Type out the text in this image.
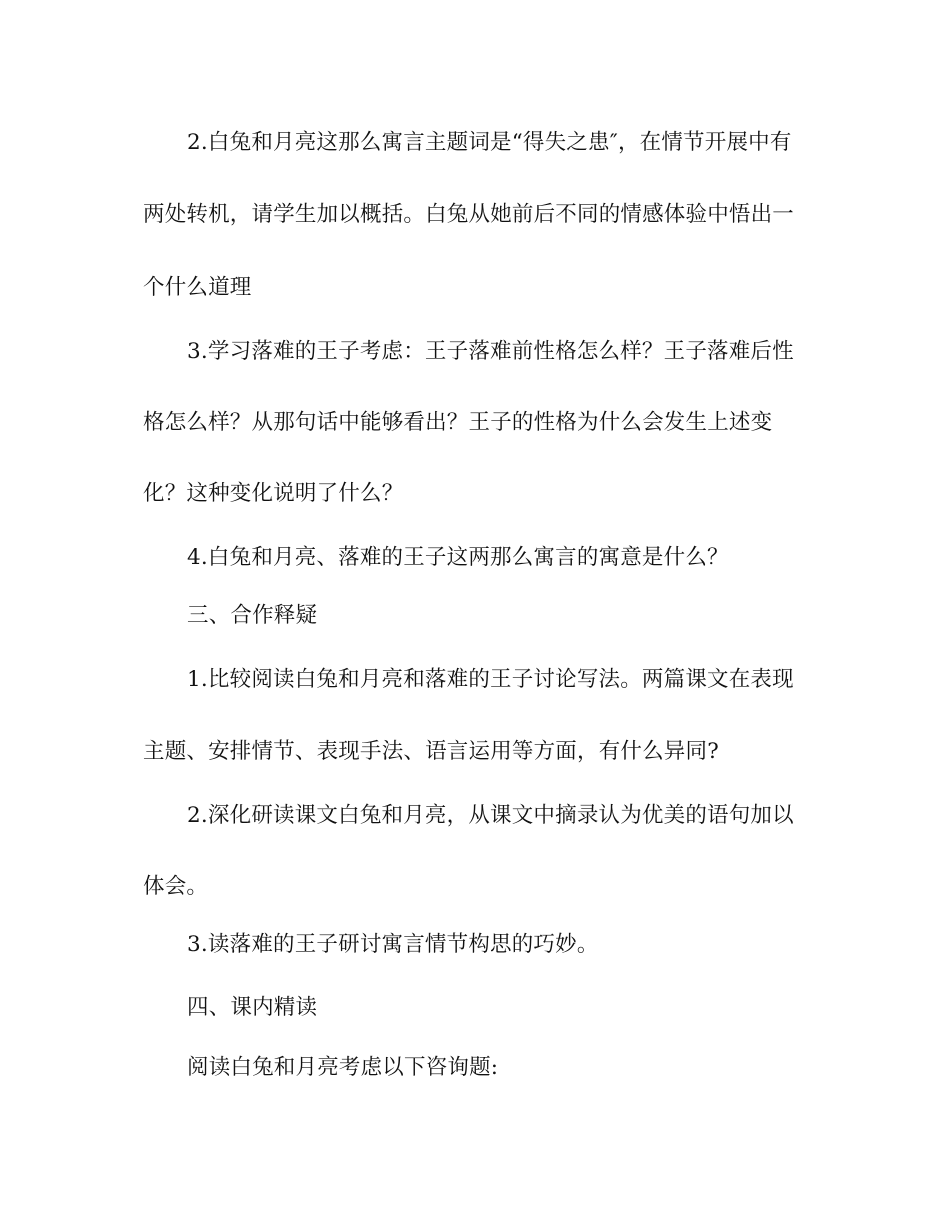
2.白兔和月亮这那么寓言主题词是“得失之患″，在情节开展中有

两处转机，请学生加以概括。白兔从她前后不同的情感体验中悟出一

个什么道理

3.学习落难的王子考虑：王子落难前性格怎么样？王子落难后性

格怎么样？从那句话中能够看出？王子的性格为什么会发生上述变

化？这种变化说明了什么？

4.白兔和月亮、落难的王子这两那么寓言的寓意是什么？

三、合作释疑

1.比较阅读白兔和月亮和落难的王子讨论写法。两篇课文在表现

主题、安排情节、表现手法、语言运用等方面，有什么异同?

2.深化研读课文白兔和月亮，从课文中摘录认为优美的语句加以

体会。

3.读落难的王子研讨寓言情节构思的巧妙。

四、课内精读

阅读白兔和月亮考虑以下咨询题:
